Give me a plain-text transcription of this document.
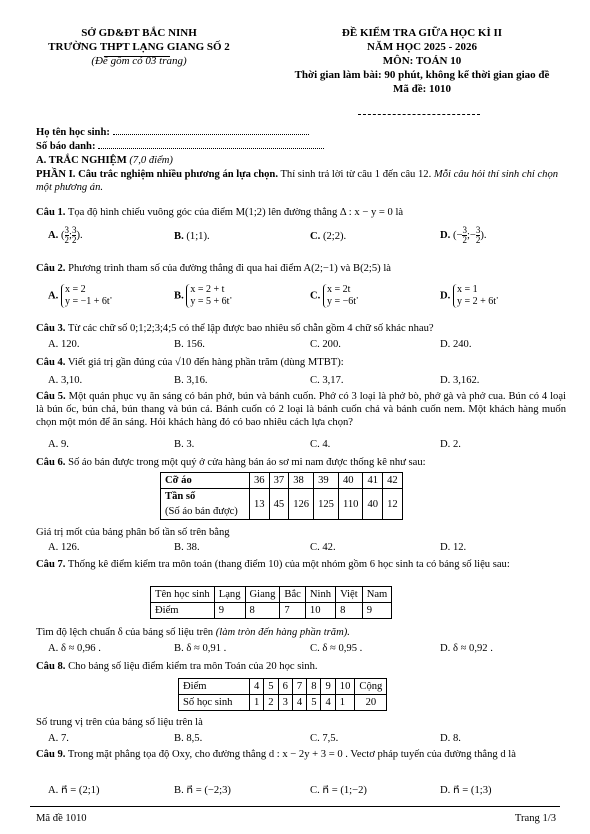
SỞ GD&ĐT BẮC NINH
TRƯỜNG THPT LẠNG GIANG SỐ 2
(Đề gồm có 03 trang)
ĐỀ KIỂM TRA GIỮA HỌC KÌ II
NĂM HỌC 2025 - 2026
MÔN: TOÁN 10
Thời gian làm bài: 90 phút, không kể thời gian giao đề
Mã đề: 1010
Họ tên học sinh:
Số báo danh:
A. TRẮC NGHIỆM (7,0 điểm)
PHẦN I. Câu trắc nghiệm nhiều phương án lựa chọn. Thí sinh trả lời từ câu 1 đến câu 12. Mỗi câu hỏi thí sinh chỉ chọn một phương án.
Câu 1. Tọa độ hình chiếu vuông góc của điểm M(1;2) lên đường thẳng Δ : x − y = 0 là
A. ( $\frac{3}{2}$ ; $\frac{3}{2}$ ).	B. (1;1).	C. (2;2).	D. (− $\frac{3}{2}$ ;− $\frac{3}{2}$ ).
Câu 2. Phương trình tham số của đường thẳng đi qua hai điểm A(2;−1) và B(2;5) là
A. x = 2
y = −1 + 6t.	B. x = 2 + t
y = 5 + 6t.	C. x = 2t
y = −6t.	D. x = 1
y = 2 + 6t.
Câu 3. Từ các chữ số 0;1;2;3;4;5 có thể lập được bao nhiêu số chẵn gồm 4 chữ số khác nhau?
A. 120.	B. 156.	C. 200.	D. 240.
Câu 4. Viết giá trị gần đúng của √10 đến hàng phần trăm (dùng MTBT):
A. 3,10.	B. 3,16.	C. 3,17.	D. 3,162.
Câu 5. Một quán phục vụ ăn sáng có bán phở, bún và bánh cuốn. Phở có 3 loại là phở bò, phở gà và phở cua. Bún có 4 loại là bún ốc, bún chả, bún thang và bún cá. Bánh cuốn có 2 loại là bánh cuốn chả và bánh cuốn nem. Một khách hàng muốn chọn một món để ăn sáng. Hỏi khách hàng đó có bao nhiêu cách lựa chọn?
A. 9.	B. 3.	C. 4.	D. 2.
Câu 6. Số áo bán được trong một quý ở cửa hàng bán áo sơ mi nam được thống kê như sau:
Cỡ áo	36	37	38	39	40	41	42
Tần số	13	45	126	125	110	40	12
(Số áo bán được)							
Giá trị mốt của bảng phân bố tần số trên bằng
A. 126.	B. 38.	C. 42.	D. 12.
Câu 7. Thống kê điểm kiểm tra môn toán (thang điểm 10) của một nhóm gồm 6 học sinh ta có bảng số liệu sau:
Tên học sinh	Lạng	Giang	Bắc	Ninh	Việt	Nam
Điểm	9	8	7	10	8	9
Tìm độ lệch chuẩn δ của bảng số liệu trên (làm tròn đến hàng phần trăm).
A. δ ≈ 0,96 .	B. δ ≈ 0,91 .	C. δ ≈ 0,95 .	D. δ ≈ 0,92 .
Câu 8. Cho bảng số liệu điểm kiểm tra môn Toán của 20 học sinh.
Điểm	4	5	6	7	8	9	10	Cộng
Số học sinh	1	2	3	4	5	4	1	20
Số trung vị trên của bảng số liệu trên là
A. 7.	B. 8,5.	C. 7,5.	D. 8.
Câu 9. Trong mặt phẳng tọa độ Oxy, cho đường thẳng d : x − 2y + 3 = 0 . Vectơ pháp tuyến của đường thẳng d là
A. n⃗ = (2;1)	B. n⃗ = (−2;3)	C. n⃗ = (1;−2)	D. n⃗ = (1;3)
Mã đề 1010	Trang 1/3
